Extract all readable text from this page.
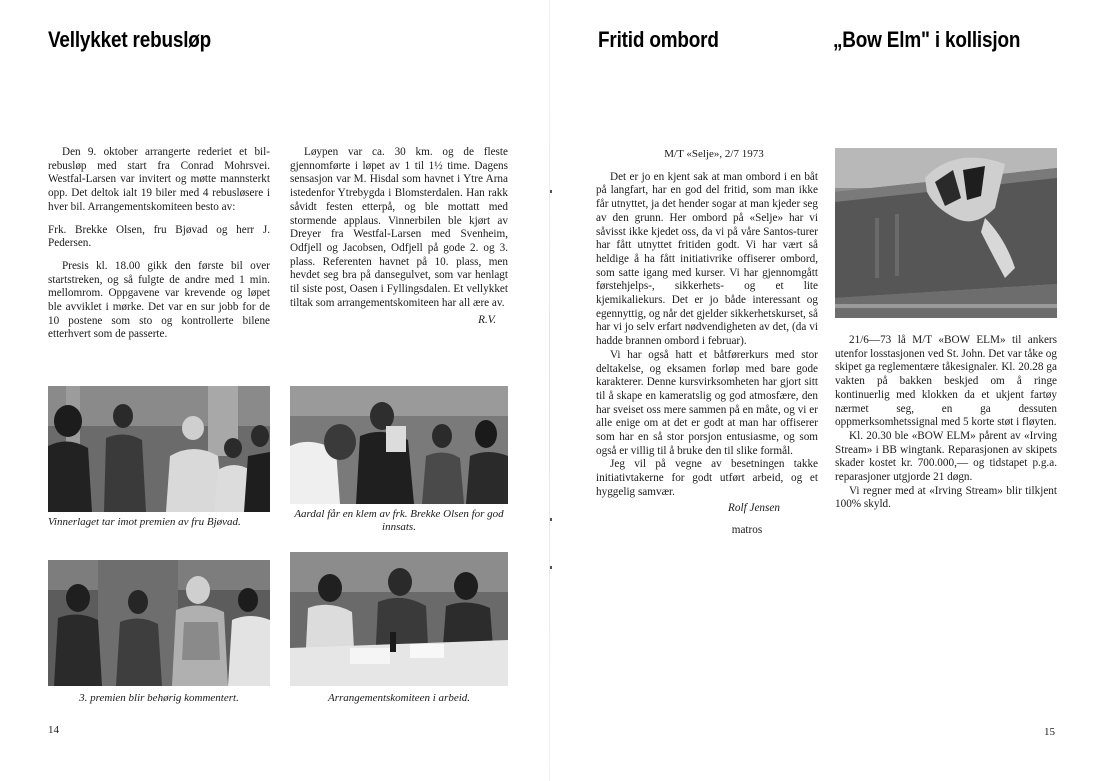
Vellykket rebusløp

Den 9. oktober arrangerte rederiet et bil-rebusløp med start fra Conrad Mohrsvei. Westfal-Larsen var invitert og møtte mannsterkt opp. Det deltok ialt 19 biler med 4 rebusløsere i hver bil. Arrangementskomiteen besto av:

Frk. Brekke Olsen, fru Bjøvad og herr J. Pedersen.

Presis kl. 18.00 gikk den første bil over startstreken, og så fulgte de andre med 1 min. mellomrom. Oppgavene var krevende og løpet ble avviklet i mørke. Det var en sur jobb for de 10 postene som sto og kontrollerte bilene etterhvert som de passerte.

Løypen var ca. 30 km. og de fleste gjennomførte i løpet av 1 til 1½ time. Dagens sensasjon var M. Hisdal som havnet i Ytre Arna istedenfor Ytrebygda i Blomsterdalen. Han rakk såvidt festen etterpå, og ble mottatt med stormende applaus. Vinnerbilen ble kjørt av Dreyer fra Westfal-Larsen med Svenheim, Odfjell og Jacobsen, Odfjell på gode 2. og 3. plass. Referenten havnet på 10. plass, men hevdet seg bra på dansegulvet, som var henlagt til siste post, Oasen i Fyllingsdalen. Et vellykket tiltak som arrangementskomiteen har all ære av.

R.V.

Vinnerlaget tar imot premien av fru Bjøvad.

Aardal får en klem av frk. Brekke Olsen for god innsats.

3. premien blir behørig kommentert.	Arrangementskomiteen i arbeid.

14

Fritid ombord	„Bow Elm" i kollisjon

M/T «Selje», 2/7 1973

Det er jo en kjent sak at man ombord i en båt på langfart, har en god del fritid, som man ikke får utnyttet, ja det hender sogar at man kjeder seg av den grunn. Her ombord på «Selje» har vi såvisst ikke kjedet oss, da vi på våre Santos-turer har fått utnyttet fritiden godt. Vi har vært så heldige å ha fått initiativrike offiserer ombord, som satte igang med kurser. Vi har gjennomgått førstehjelps-, sikkerhets- og et lite kjemikaliekurs. Det er jo både interessant og egennyttig, og når det gjelder sikkerhetskurset, så har vi jo selv erfart nødvendigheten av det, (da vi hadde brannen ombord i februar).

Vi har også hatt et båtførerkurs med stor deltakelse, og eksamen forløp med bare gode karakterer. Denne kursvirksomheten har gjort sitt til å skape en kameratslig og god atmosfære, den har sveiset oss mere sammen på en måte, og vi er alle enige om at det er godt at man har offiserer som har en så stor porsjon entusiasme, og som også er villig til å bruke den til slike formål.

Jeg vil på vegne av besetningen takke initiativtakerne for godt utført arbeid, og et hyggelig samvær.

Rolf Jensen

matros

21/6—73 lå M/T «BOW ELM» til ankers utenfor losstasjonen ved St. John. Det var tåke og skipet ga reglementære tåkesignaler. Kl. 20.28 ga vakten på bakken beskjed om å ringe kontinuerlig med klokken da et ukjent fartøy nærmet seg, en ga dessuten oppmerksomhetssignal med 5 korte støt i fløyten.

Kl. 20.30 ble «BOW ELM» pårent av «Irving Stream» i BB wingtank. Reparasjonen av skipets skader kostet kr. 700.000,— og tidstapet p.g.a. reparasjoner utgjorde 21 døgn.

Vi regner med at «Irving Stream» blir tilkjent 100% skyld.

15
